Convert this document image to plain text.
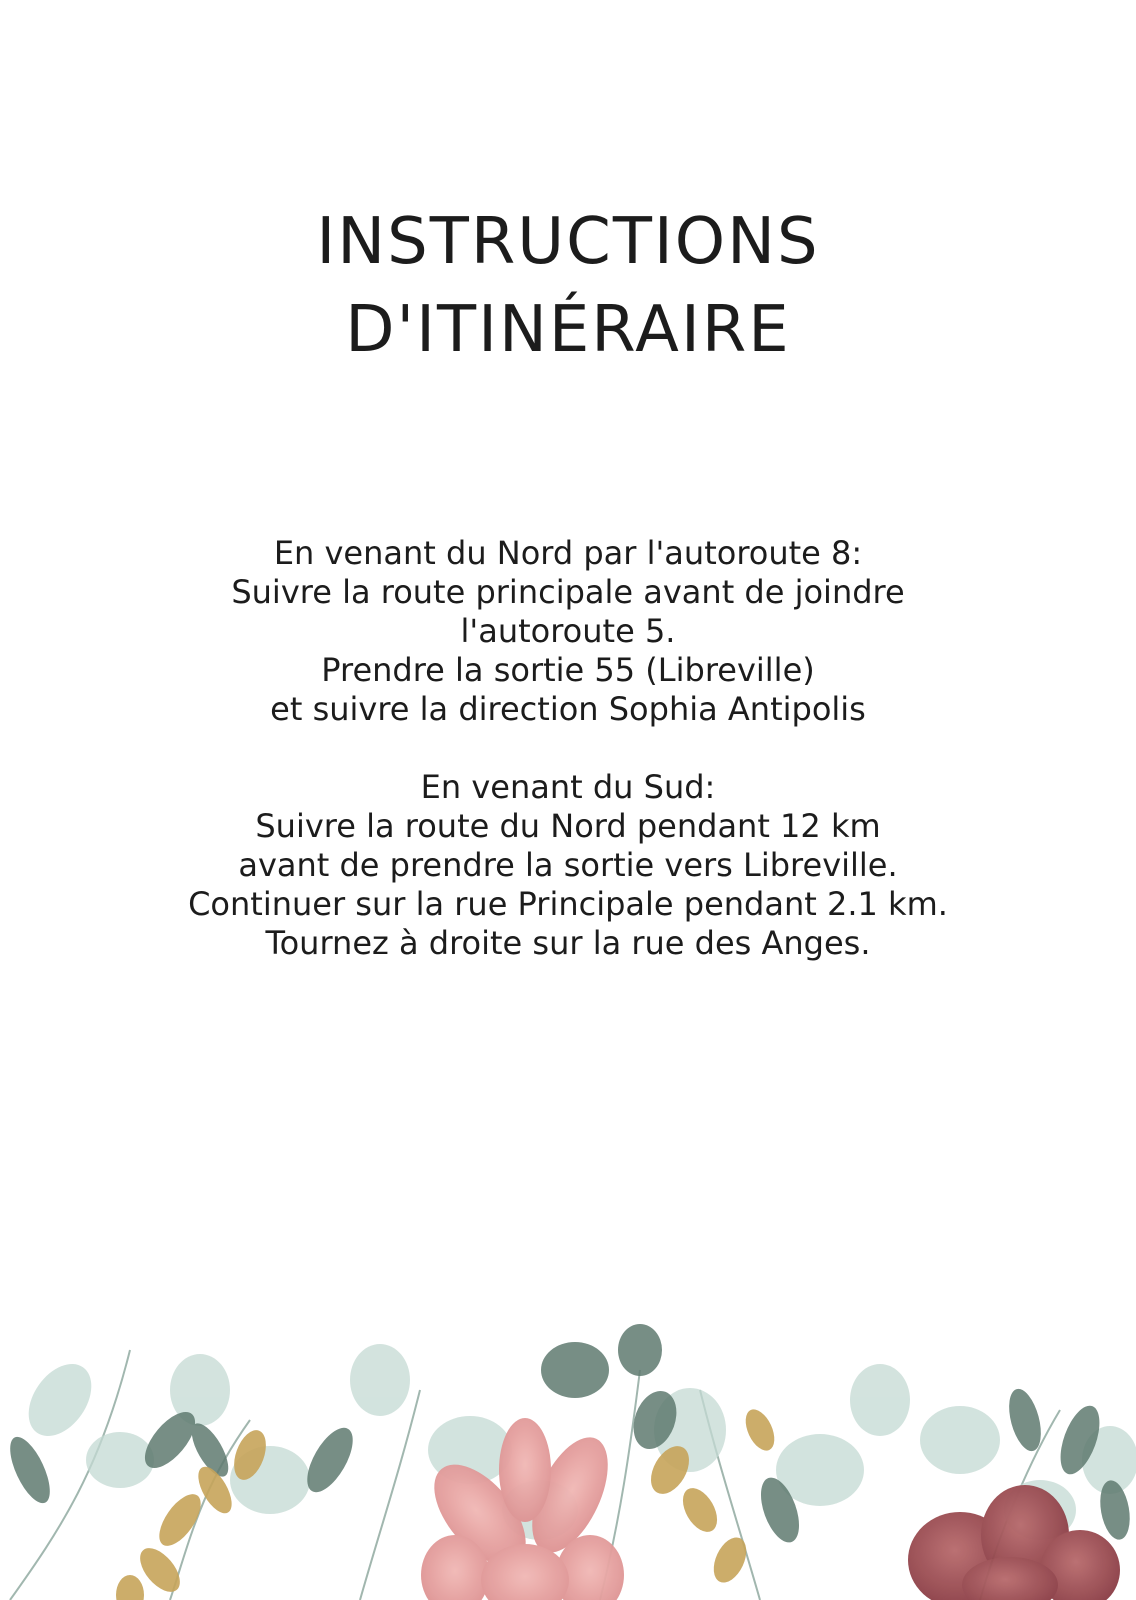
INSTRUCTIONS
D'ITINÉRAIRE

En venant du Nord par l'autoroute 8:

Suivre la route principale avant de joindre

l'autoroute 5.

Prendre la sortie 55 (Libreville)

et suivre la direction Sophia Antipolis

En venant du Sud:

Suivre la route du Nord pendant 12 km

avant de prendre la sortie vers Libreville.

Continuer sur la rue Principale pendant 2.1 km.

Tournez à droite sur la rue des Anges.
